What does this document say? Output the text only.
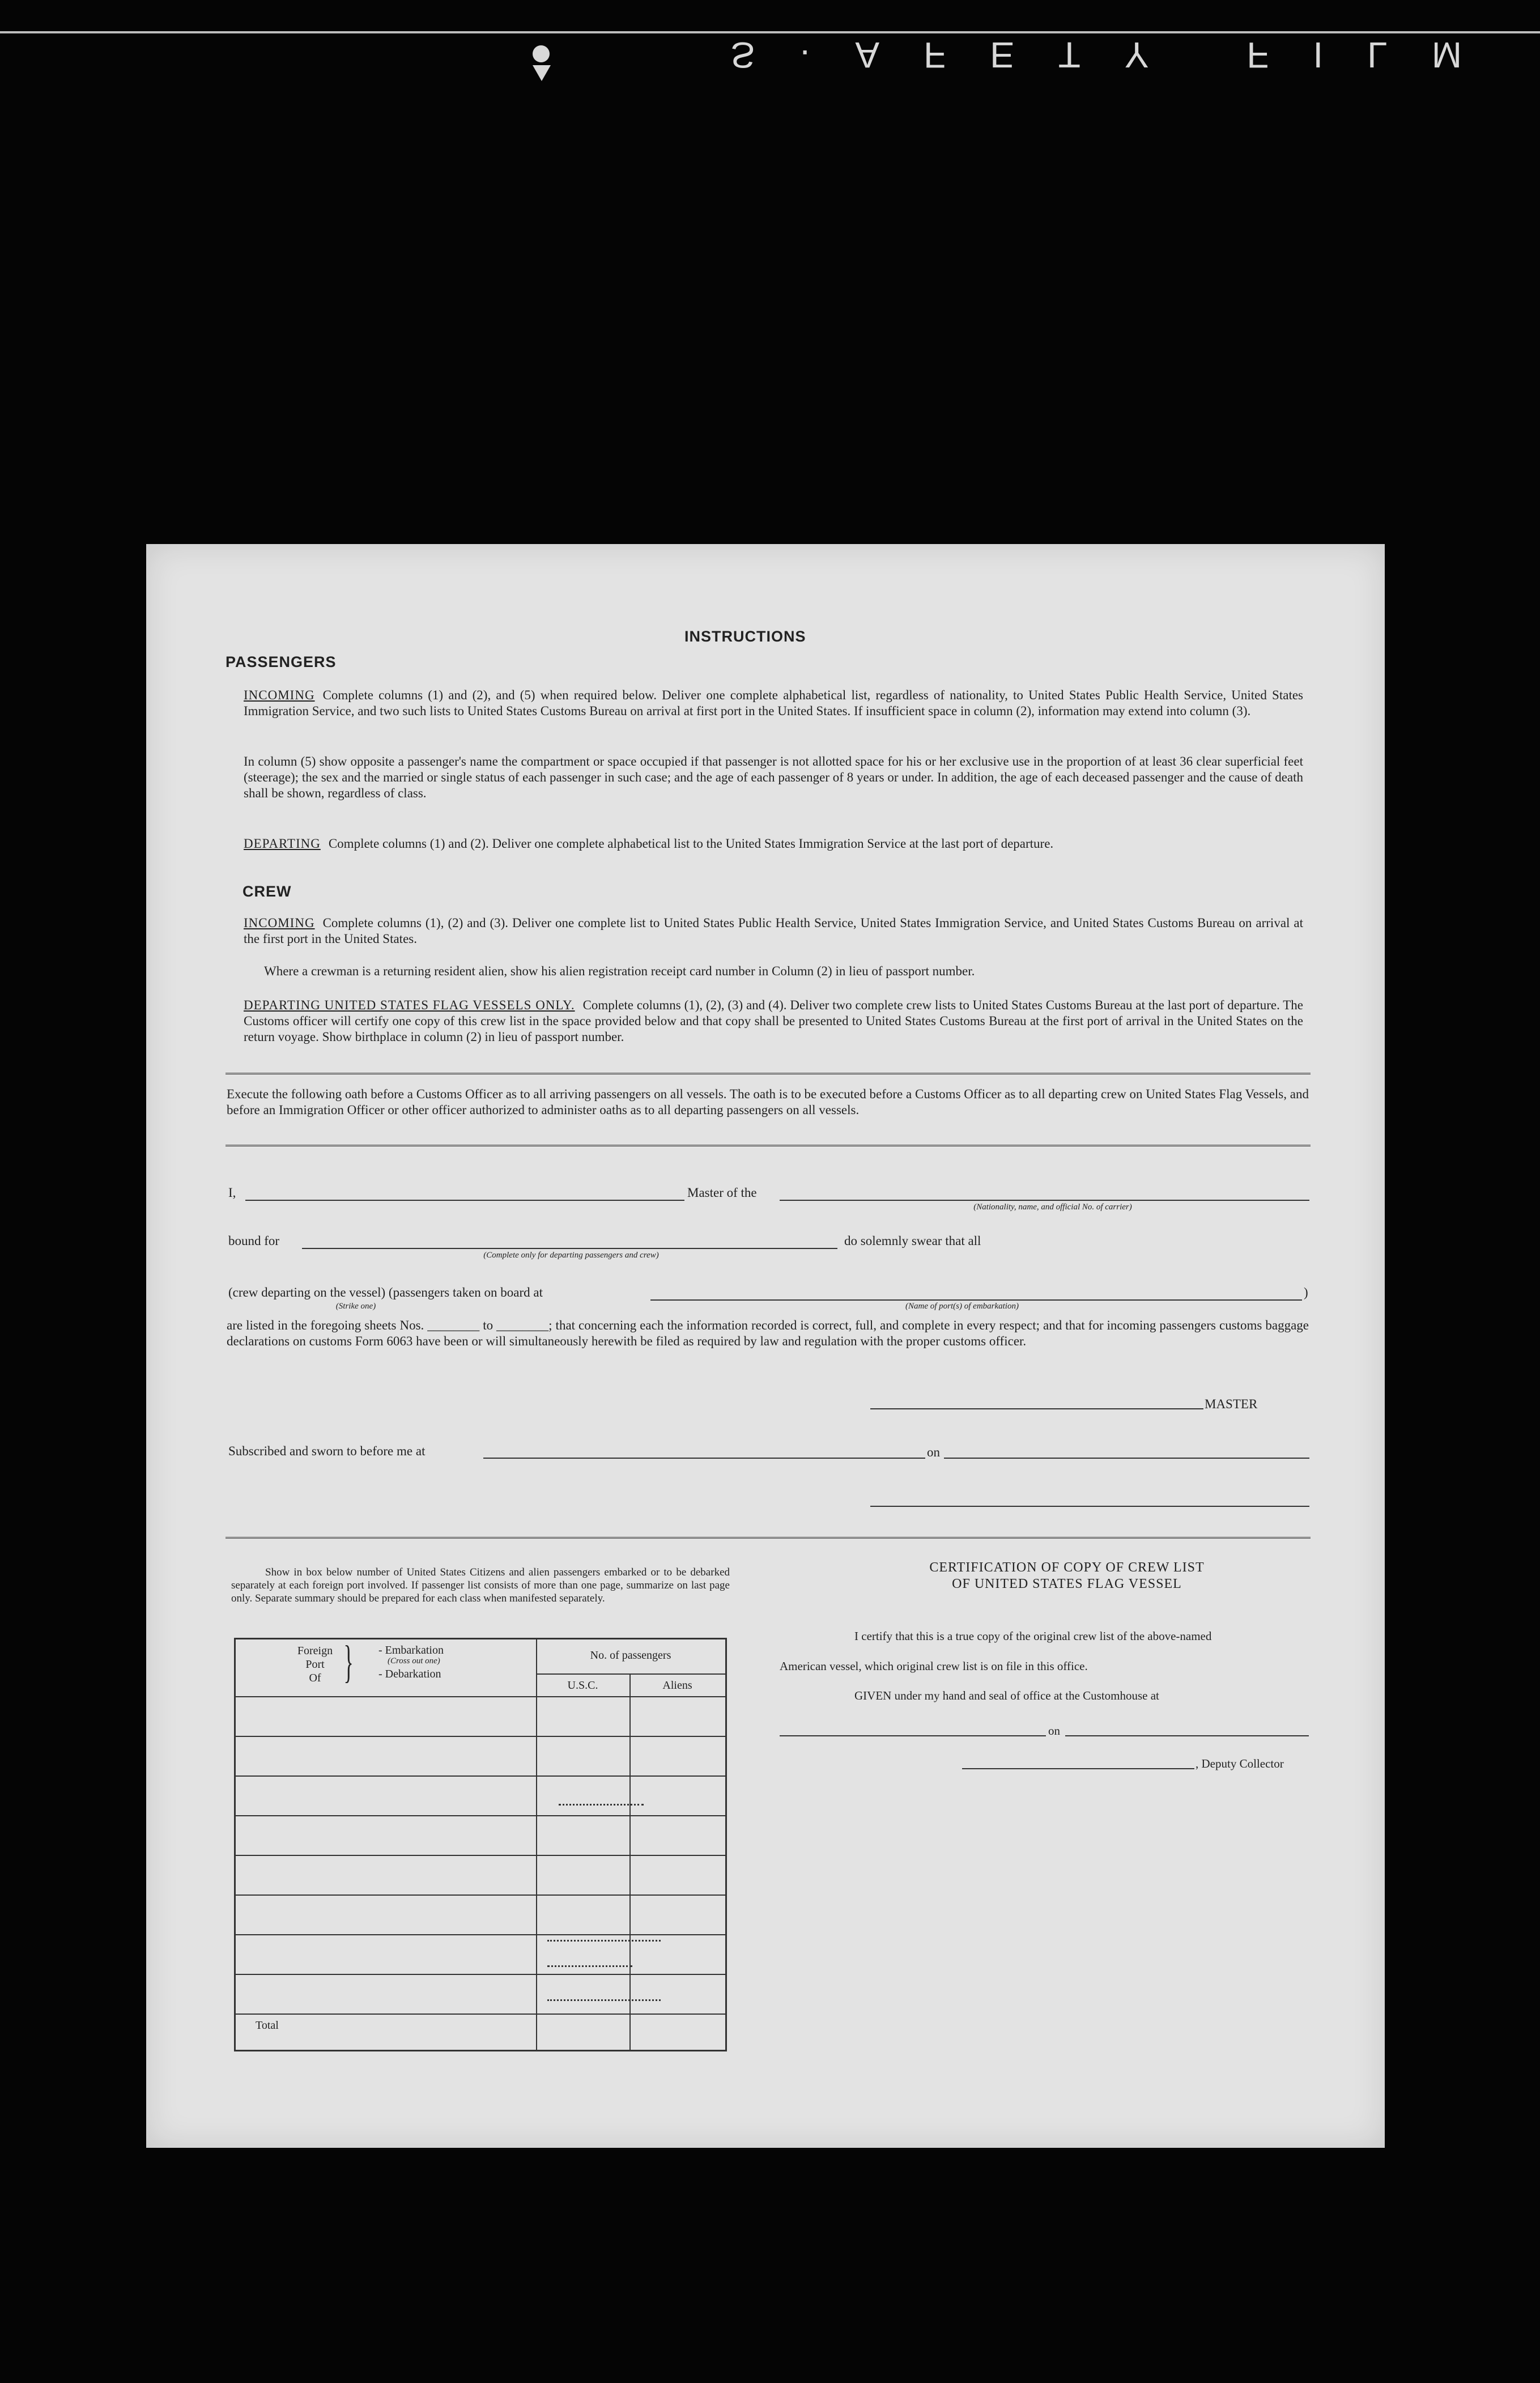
S·AFETY FILM
INSTRUCTIONS
PASSENGERS
INCOMING Complete columns (1) and (2), and (5) when required below. Deliver one complete alphabetical list, regardless of nationality, to United States Public Health Service, United States Immigration Service, and two such lists to United States Customs Bureau on arrival at first port in the United States. If insufficient space in column (2), information may extend into column (3).
In column (5) show opposite a passenger's name the compartment or space occupied if that passenger is not allotted space for his or her exclusive use in the proportion of at least 36 clear superficial feet (steerage); the sex and the married or single status of each passenger in such case; and the age of each passenger of 8 years or under. In addition, the age of each deceased passenger and the cause of death shall be shown, regardless of class.
DEPARTING Complete columns (1) and (2). Deliver one complete alphabetical list to the United States Immigration Service at the last port of departure.
CREW
INCOMING Complete columns (1), (2) and (3). Deliver one complete list to United States Public Health Service, United States Immigration Service, and United States Customs Bureau on arrival at the first port in the United States.
Where a crewman is a returning resident alien, show his alien registration receipt card number in Column (2) in lieu of passport number.
DEPARTING UNITED STATES FLAG VESSELS ONLY. Complete columns (1), (2), (3) and (4). Deliver two complete crew lists to United States Customs Bureau at the last port of departure. The Customs officer will certify one copy of this crew list in the space provided below and that copy shall be presented to United States Customs Bureau at the first port of arrival in the United States on the return voyage. Show birthplace in column (2) in lieu of passport number.
Execute the following oath before a Customs Officer as to all arriving passengers on all vessels. The oath is to be executed before a Customs Officer as to all departing crew on United States Flag Vessels, and before an Immigration Officer or other officer authorized to administer oaths as to all departing passengers on all vessels.
I,	Master of the
(Nationality, name, and official No. of carrier)
bound for
(Complete only for departing passengers and crew)
do solemnly swear that all
(crew departing on the vessel) (passengers taken on board at	)
(Strike one)	(Name of port(s) of embarkation)
are listed in the foregoing sheets Nos. ________ to ________; that concerning each the information recorded is correct, full, and complete in every respect; and that for incoming passengers customs baggage declarations on customs Form 6063 have been or will simultaneously herewith be filed as required by law and regulation with the proper customs officer.
MASTER
Subscribed and sworn to before me at	on
Show in box below number of United States Citizens and alien passengers embarked or to be debarked separately at each foreign port involved. If passenger list consists of more than one page, summarize on last page only. Separate summary should be prepared for each class when manifested separately.
Foreign
Port
Of } - Embarkation
(Cross out one)
- Debarkation
No. of passengers
U.S.C.	Aliens
Total
CERTIFICATION OF COPY OF CREW LIST
OF UNITED STATES FLAG VESSEL
I certify that this is a true copy of the original crew list of the above-named
American vessel, which original crew list is on file in this office.
GIVEN under my hand and seal of office at the Customhouse at
on
, Deputy Collector
